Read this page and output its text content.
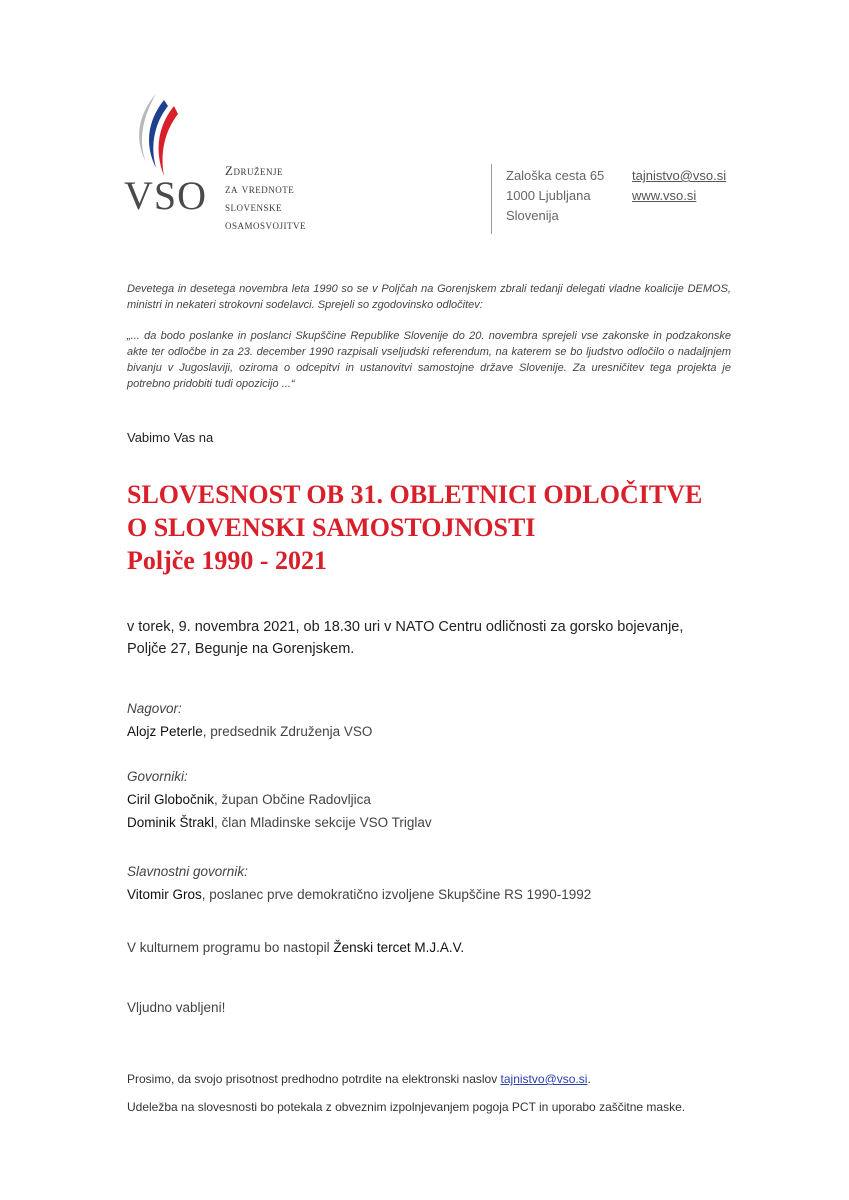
VSO
Združenje
za vrednote
slovenske
osamosvojitve
Zaloška cesta 65
1000 Ljubljana
Slovenija
tajnistvo@vso.si
www.vso.si
Devetega in desetega novembra leta 1990 so se v Poljčah na Gorenjskem zbrali tedanji delegati vladne koalicije DEMOS, ministri in nekateri strokovni sodelavci. Sprejeli so zgodovinsko odločitev:
„... da bodo poslanke in poslanci Skupščine Republike Slovenije do 20. novembra sprejeli vse zakonske in podzakonske akte ter odločbe in za 23. december 1990 razpisali vseljudski referendum, na katerem se bo ljudstvo odločilo o nadaljnjem bivanju v Jugoslaviji, oziroma o odcepitvi in ustanovitvi samostojne države Slovenije. Za uresničitev tega projekta je potrebno pridobiti tudi opozicijo ...“
Vabimo Vas na
SLOVESNOST OB 31. OBLETNICI ODLOČITVE
O SLOVENSKI SAMOSTOJNOSTI
Poljče 1990 - 2021
v torek, 9. novembra 2021, ob 18.30 uri v NATO Centru odličnosti za gorsko bojevanje,
Poljče 27, Begunje na Gorenjskem.
Nagovor:
Alojz Peterle, predsednik Združenja VSO
Govorniki:
Ciril Globočnik, župan Občine Radovljica
Dominik Štrakl, član Mladinske sekcije VSO Triglav
Slavnostni govornik:
Vitomir Gros, poslanec prve demokratično izvoljene Skupščine RS 1990-1992
V kulturnem programu bo nastopil Ženski tercet M.J.A.V.
Vljudno vabljeni!
Prosimo, da svojo prisotnost predhodno potrdite na elektronski naslov tajnistvo@vso.si.
Udeležba na slovesnosti bo potekala z obveznim izpolnjevanjem pogoja PCT in uporabo zaščitne maske.
